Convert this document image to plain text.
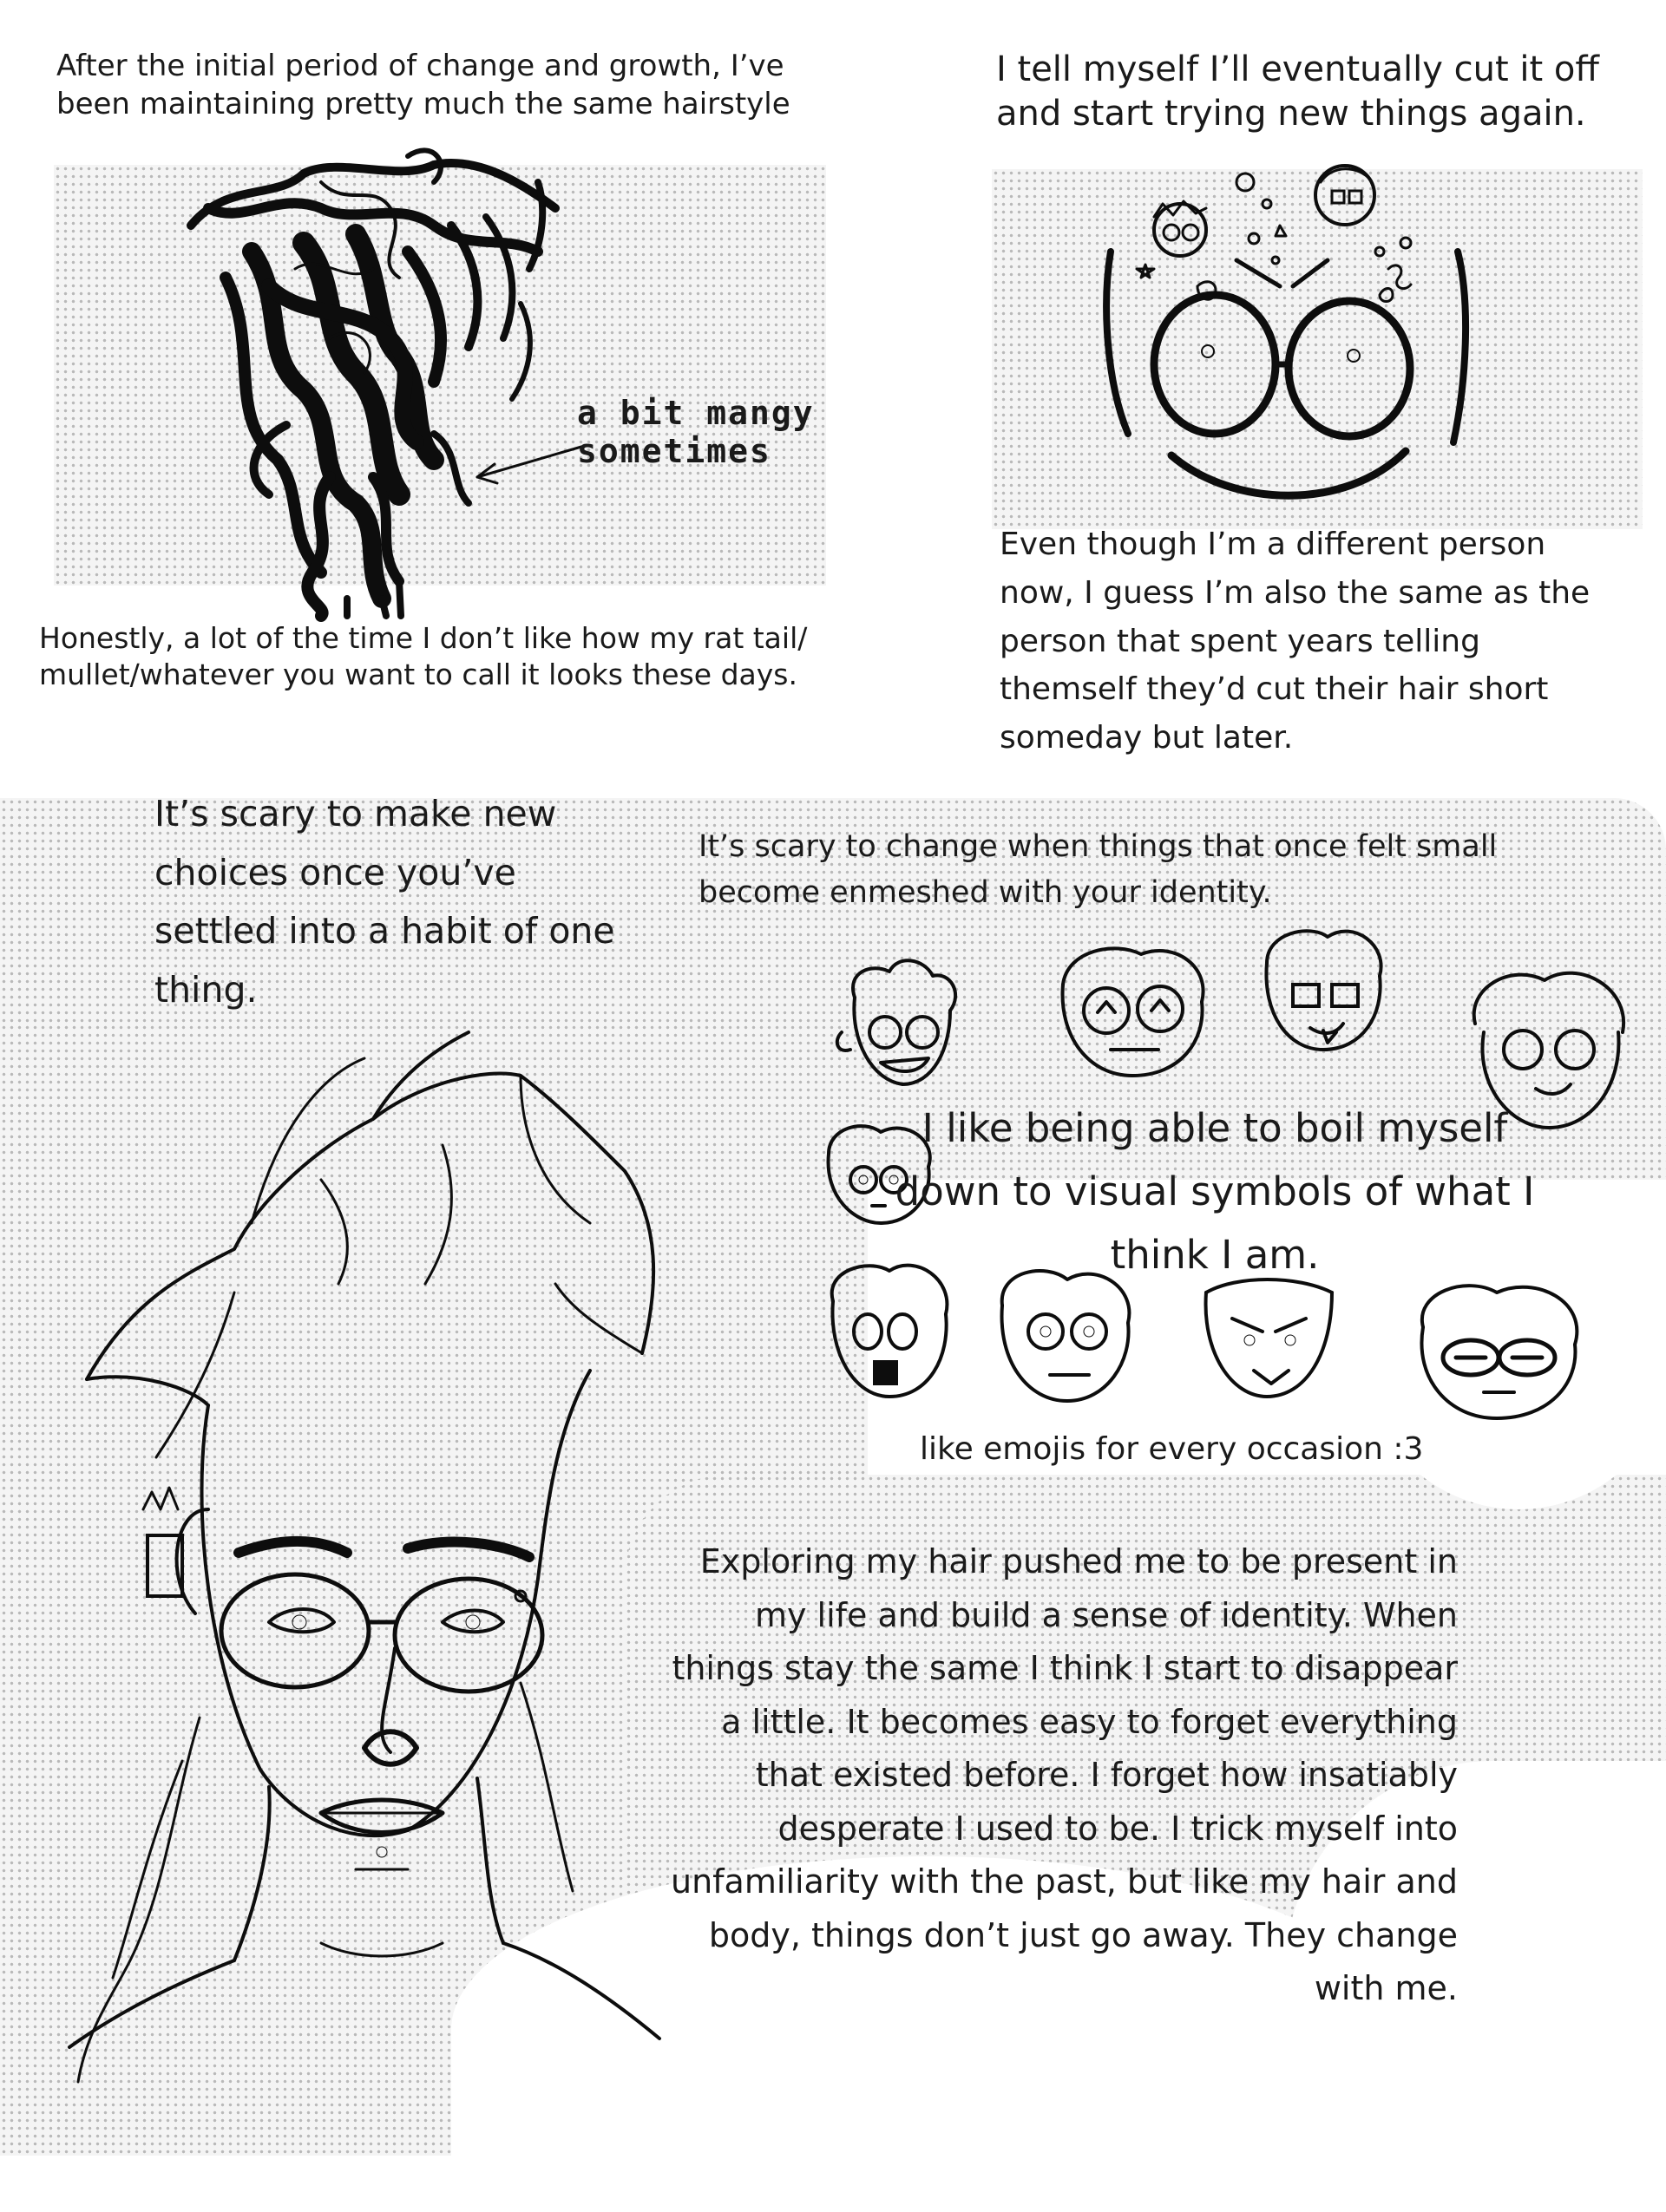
After the initial period of change and growth, I’ve been maintaining pretty much the same hairstyle
a bit mangy sometimes
Honestly, a lot of the time I don’t like how my rat tail/ mullet/whatever you want to call it looks these days.
I tell myself I’ll eventually cut it off and start trying new things again.
Even though I’m a different person now, I guess I’m also the same as the person that spent years telling themself they’d cut their hair short someday but later.
It’s scary to make new choices once you’ve settled into a habit of one thing.
It’s scary to change when things that once felt small become enmeshed with your identity.
I like being able to boil myself down to visual symbols of what I think I am.
like emojis for every occasion :3
Exploring my hair pushed me to be present in my life and build a sense of identity. When things stay the same I think I start to disappear a little. It becomes easy to forget everything that existed before. I forget how insatiably desperate I used to be. I trick myself into unfamiliarity with the past, but like my hair and body, things don’t just go away. They change with me.
